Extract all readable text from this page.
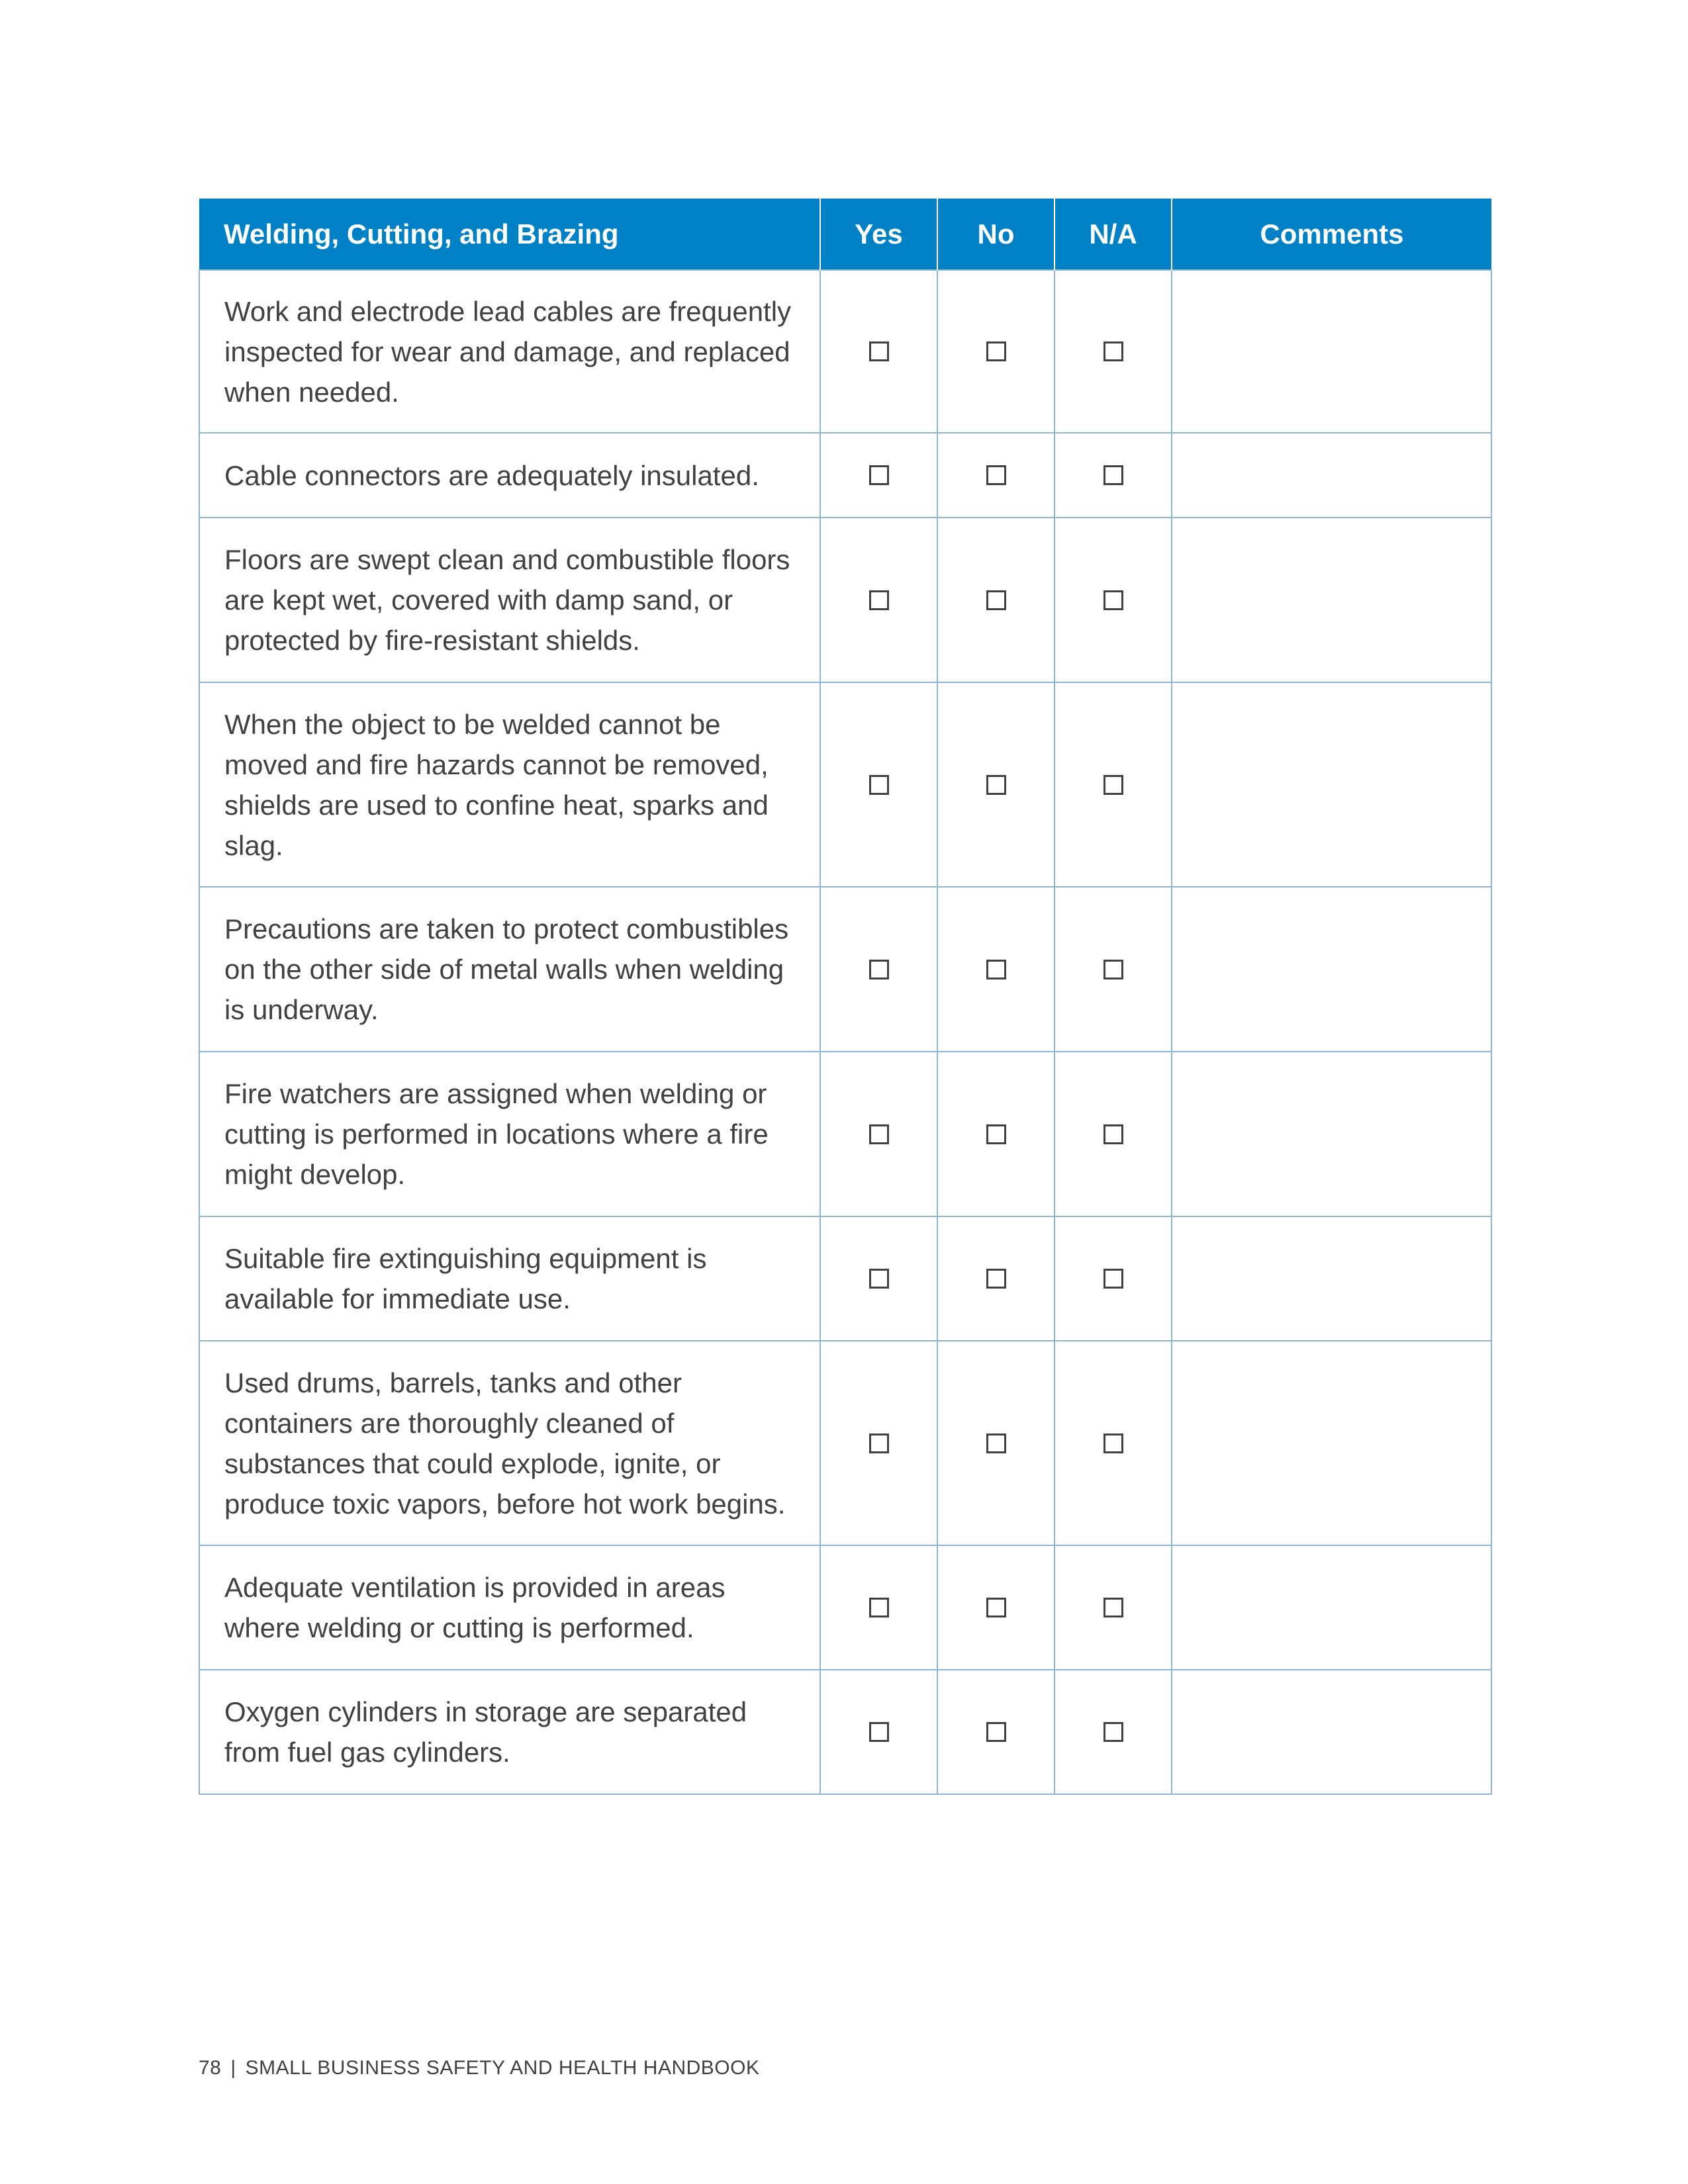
Welding, Cutting, and Brazing	Yes	No	N/A	Comments
Work and electrode lead cables are frequently inspected for wear and damage, and replaced when needed.				
Cable connectors are adequately insulated.				
Floors are swept clean and combustible floors are kept wet, covered with damp sand, or protected by fire-resistant shields.				
When the object to be welded cannot be moved and fire hazards cannot be removed, shields are used to confine heat, sparks and slag.				
Precautions are taken to protect combustibles on the other side of metal walls when welding is underway.				
Fire watchers are assigned when welding or cutting is performed in locations where a fire might develop.				
Suitable fire extinguishing equipment is available for immediate use.				
Used drums, barrels, tanks and other containers are thoroughly cleaned of substances that could explode, ignite, or produce toxic vapors, before hot work begins.				
Adequate ventilation is provided in areas where welding or cutting is performed.				
Oxygen cylinders in storage are separated from fuel gas cylinders.				
78 | SMALL BUSINESS SAFETY AND HEALTH HANDBOOK
